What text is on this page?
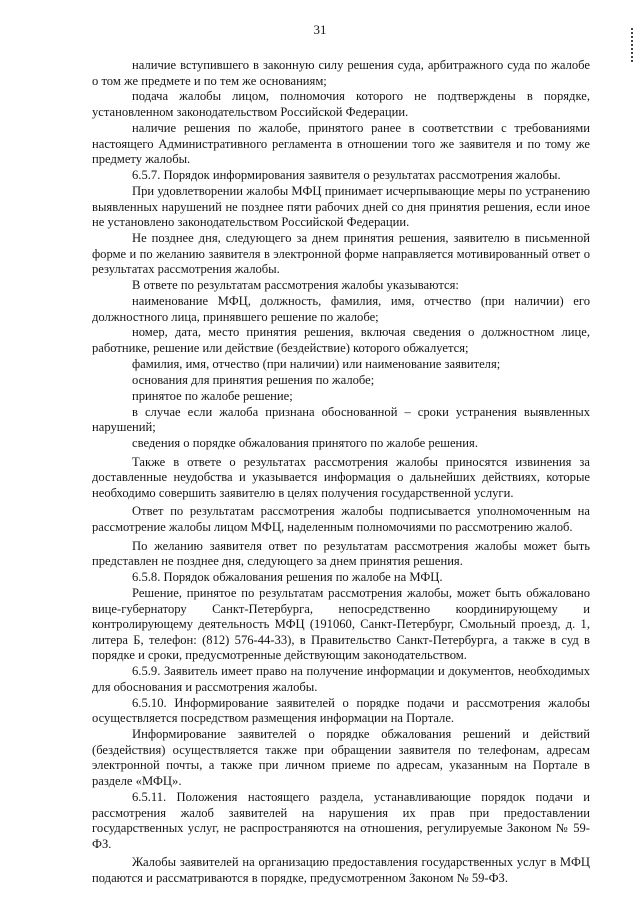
31

наличие вступившего в законную силу решения суда, арбитражного суда по жалобе о том же предмете и по тем же основаниям;

подача жалобы лицом, полномочия которого не подтверждены в порядке, установленном законодательством Российской Федерации.

наличие решения по жалобе, принятого ранее в соответствии с требованиями настоящего Административного регламента в отношении того же заявителя и по тому же предмету жалобы.

6.5.7. Порядок информирования заявителя о результатах рассмотрения жалобы.

При удовлетворении жалобы МФЦ принимает исчерпывающие меры по устранению выявленных нарушений не позднее пяти рабочих дней со дня принятия решения, если иное не установлено законодательством Российской Федерации.

Не позднее дня, следующего за днем принятия решения, заявителю в письменной форме и по желанию заявителя в электронной форме направляется мотивированный ответ о результатах рассмотрения жалобы.

В ответе по результатам рассмотрения жалобы указываются:

наименование МФЦ, должность, фамилия, имя, отчество (при наличии) его должностного лица, принявшего решение по жалобе;

номер, дата, место принятия решения, включая сведения о должностном лице, работнике, решение или действие (бездействие) которого обжалуется;

фамилия, имя, отчество (при наличии) или наименование заявителя;

основания для принятия решения по жалобе;

принятое по жалобе решение;

в случае если жалоба признана обоснованной – сроки устранения выявленных нарушений;

сведения о порядке обжалования принятого по жалобе решения.

Также в ответе о результатах рассмотрения жалобы приносятся извинения за доставленные неудобства и указывается информация о дальнейших действиях, которые необходимо совершить заявителю в целях получения государственной услуги.

Ответ по результатам рассмотрения жалобы подписывается уполномоченным на рассмотрение жалобы лицом МФЦ, наделенным полномочиями по рассмотрению жалоб.

По желанию заявителя ответ по результатам рассмотрения жалобы может быть представлен не позднее дня, следующего за днем принятия решения.

6.5.8. Порядок обжалования решения по жалобе на МФЦ.

Решение, принятое по результатам рассмотрения жалобы, может быть обжаловано вице-губернатору Санкт-Петербурга, непосредственно координирующему и контролирующему деятельность МФЦ (191060, Санкт-Петербург, Смольный проезд, д. 1, литера Б, телефон: (812) 576-44-33), в Правительство Санкт-Петербурга, а также в суд в порядке и сроки, предусмотренные действующим законодательством.

6.5.9. Заявитель имеет право на получение информации и документов, необходимых для обоснования и рассмотрения жалобы.

6.5.10. Информирование заявителей о порядке подачи и рассмотрения жалобы осуществляется посредством размещения информации на Портале.

Информирование заявителей о порядке обжалования решений и действий (бездействия) осуществляется также при обращении заявителя по телефонам, адресам электронной почты, а также при личном приеме по адресам, указанным на Портале в разделе «МФЦ».

6.5.11. Положения настоящего раздела, устанавливающие порядок подачи и рассмотрения жалоб заявителей на нарушения их прав при предоставлении государственных услуг, не распространяются на отношения, регулируемые Законом № 59-ФЗ.

Жалобы заявителей на организацию предоставления государственных услуг в МФЦ подаются и рассматриваются в порядке, предусмотренном Законом № 59-ФЗ.
